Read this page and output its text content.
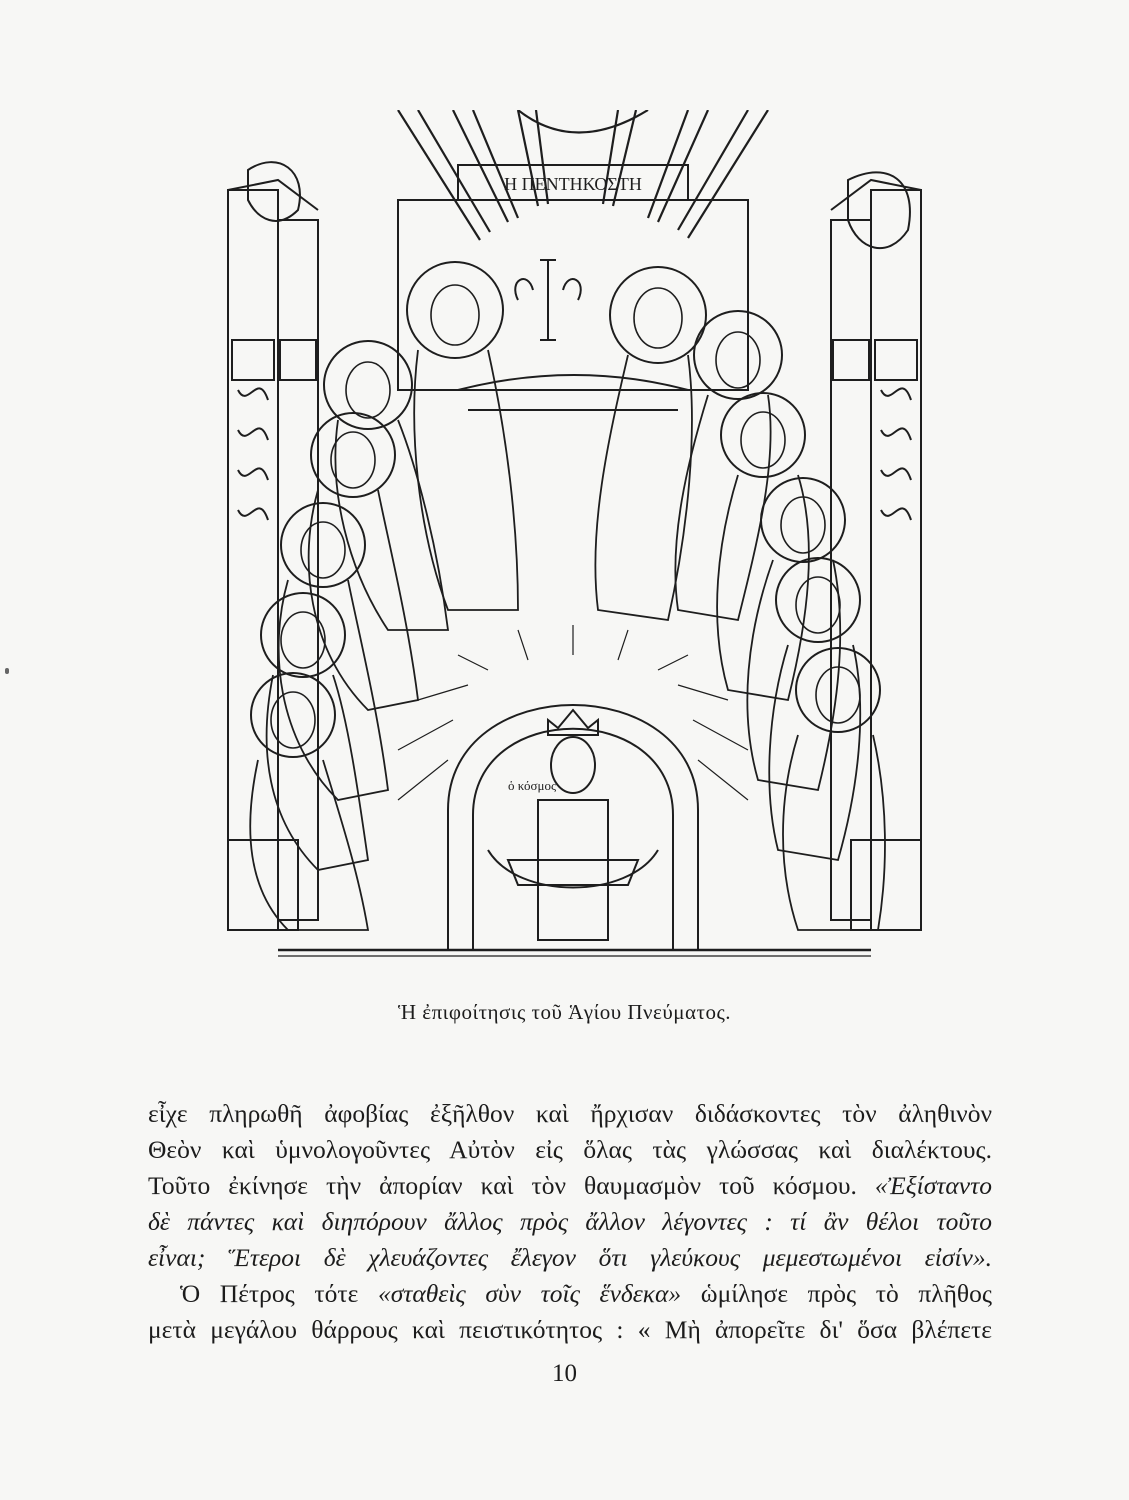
Η ΠΕΝΤΗΚΟΣΤΗ
ὁ κόσμος
Ἡ ἐπιφοίτησις τοῦ Ἁγίου Πνεύματος.
εἶχε πληρωθῆ ἀφοβίας ἐξῆλθον καὶ ἤρχισαν διδάσκοντες τὸν ἀληθινὸν
Θεὸν καὶ ὑμνολογοῦντες Αὐτὸν εἰς ὅλας τὰς γλώσσας καὶ διαλέκτους.
Τοῦτο ἐκίνησε τὴν ἀπορίαν καὶ τὸν θαυμασμὸν τοῦ κόσμου. «Ἐξίσταντο
δὲ πάντες καὶ διηπόρουν ἄλλος πρὸς ἄλλον λέγοντες : τί ἂν θέλοι τοῦτο
εἶναι; Ἕτεροι δὲ χλευάζοντες ἔλεγον ὅτι γλεύκους μεμεστωμένοι εἰσίν».
Ὁ Πέτρος τότε «σταθεὶς σὺν τοῖς ἕνδεκα» ὡμίλησε πρὸς τὸ πλῆθος
μετὰ μεγάλου θάρρους καὶ πειστικότητος : « Μὴ ἀπορεῖτε δι' ὅσα βλέπετε
10
